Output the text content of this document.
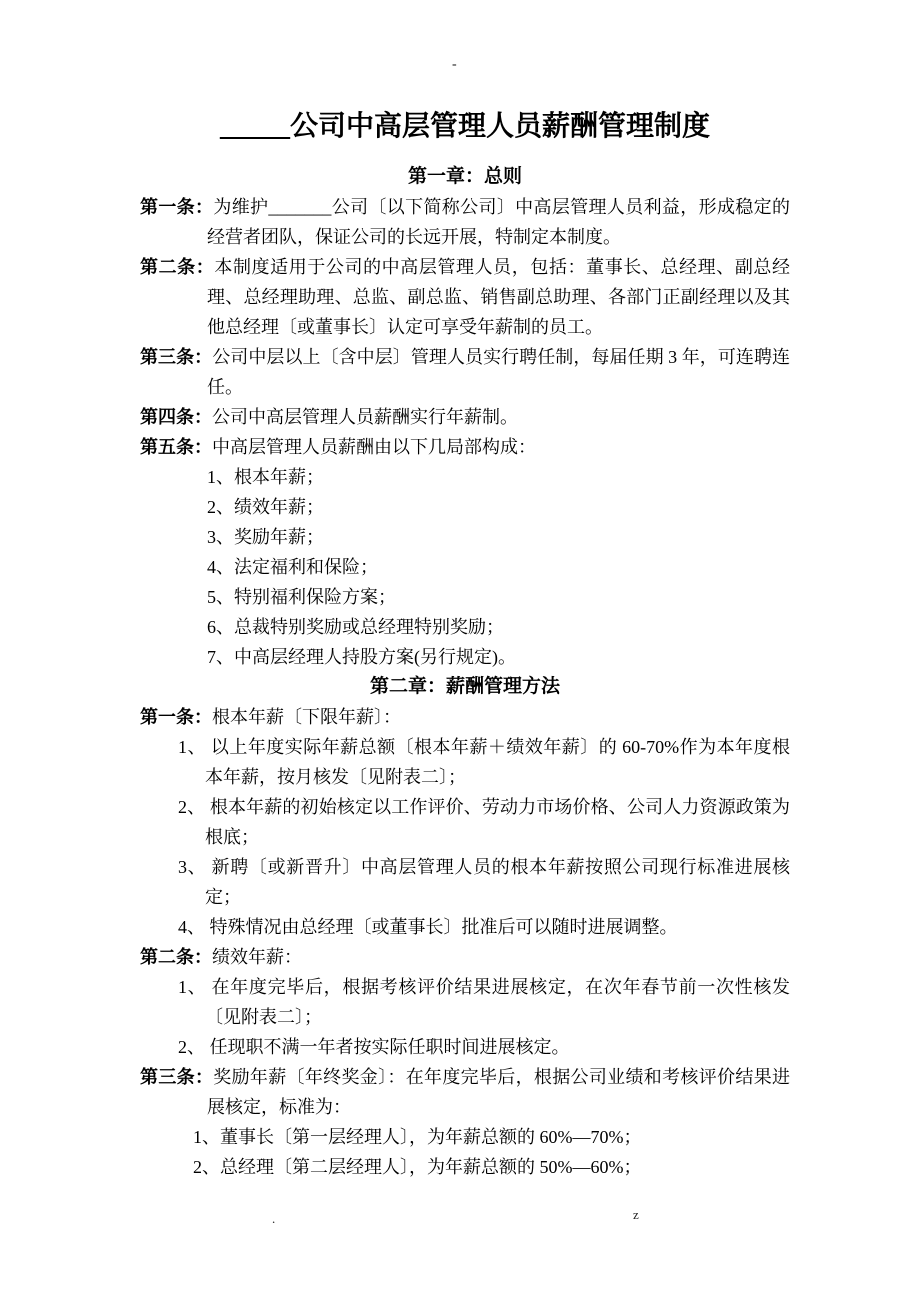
-
_____公司中高层管理人员薪酬管理制度
第一章：总则

第一条：为维护_______公司〔以下简称公司〕中高层管理人员利益，形成稳定的经营者团队，保证公司的长远开展，特制定本制度。

第二条：本制度适用于公司的中高层管理人员，包括：董事长、总经理、副总经理、总经理助理、总监、副总监、销售副总助理、各部门正副经理以及其他总经理〔或董事长〕认定可享受年薪制的员工。

第三条：公司中层以上〔含中层〕管理人员实行聘任制，每届任期 3 年，可连聘连任。

第四条：公司中高层管理人员薪酬实行年薪制。

第五条：中高层管理人员薪酬由以下几局部构成：

1、根本年薪；

2、绩效年薪；

3、奖励年薪；

4、法定福利和保险；

5、特别福利保险方案；

6、总裁特别奖励或总经理特别奖励；

7、中高层经理人持股方案(另行规定)。

第二章：薪酬管理方法

第一条：根本年薪〔下限年薪〕：

1、 以上年度实际年薪总额〔根本年薪＋绩效年薪〕的 60-70%作为本年度根本年薪，按月核发〔见附表二〕；

2、 根本年薪的初始核定以工作评价、劳动力市场价格、公司人力资源政策为根底；

3、 新聘〔或新晋升〕中高层管理人员的根本年薪按照公司现行标准进展核定；

4、 特殊情况由总经理〔或董事长〕批准后可以随时进展调整。

第二条：绩效年薪：

1、 在年度完毕后，根据考核评价结果进展核定，在次年春节前一次性核发〔见附表二〕；

2、 任现职不满一年者按实际任职时间进展核定。

第三条：奖励年薪〔年终奖金〕：在年度完毕后，根据公司业绩和考核评价结果进展核定，标准为：

1、董事长〔第一层经理人〕，为年薪总额的 60%—70%；

2、总经理〔第二层经理人〕，为年薪总额的 50%—60%；

.	z
